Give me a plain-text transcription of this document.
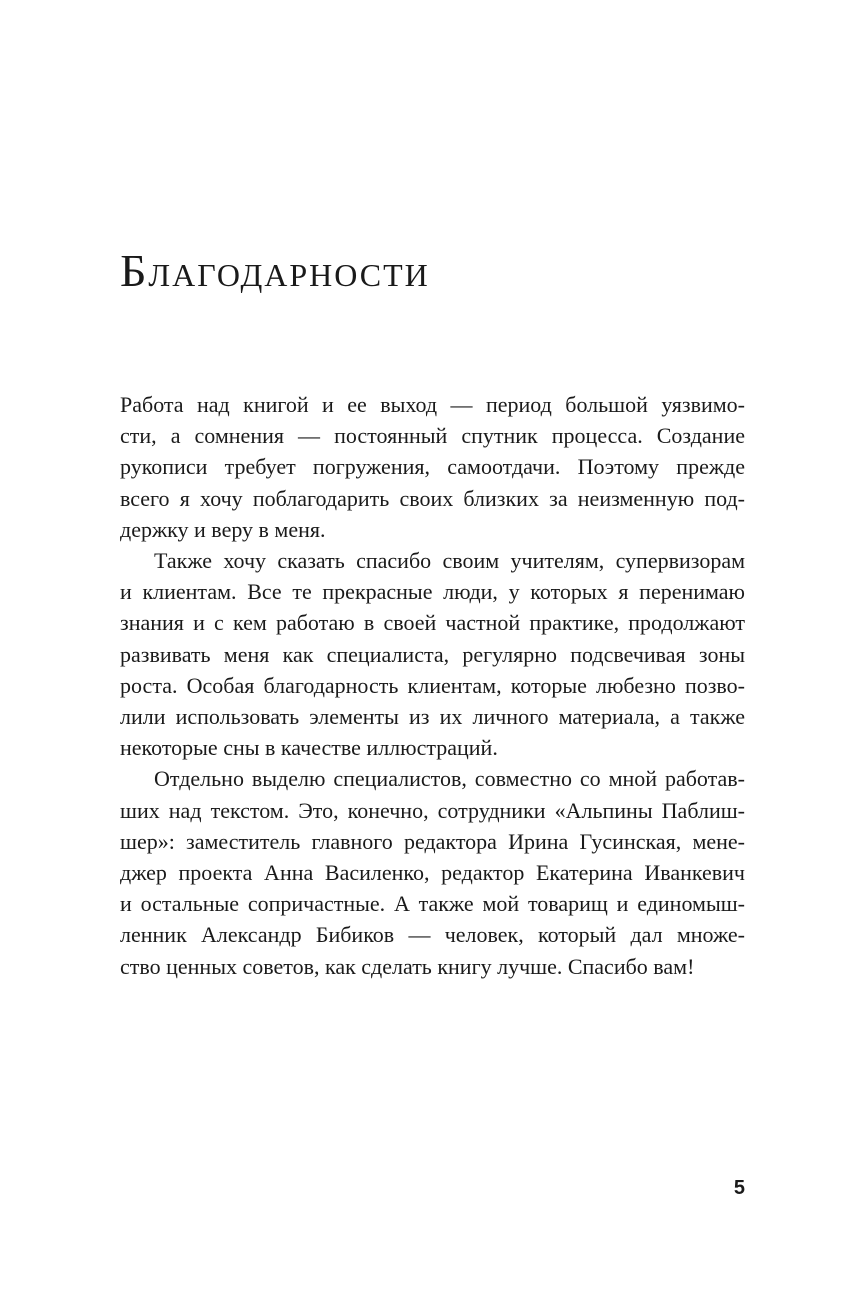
Благодарности

Работа над книгой и ее выход — период большой уязвимо-
сти, а сомнения — постоянный спутник процесса. Создание
рукописи требует погружения, самоотдачи. Поэтому прежде
всего я хочу поблагодарить своих близких за неизменную под-
держку и веру в меня.

Также хочу сказать спасибо своим учителям, супервизорам
и клиентам. Все те прекрасные люди, у которых я перенимаю
знания и с кем работаю в своей частной практике, продолжают
развивать меня как специалиста, регулярно подсвечивая зоны
роста. Особая благодарность клиентам, которые любезно позво-
лили использовать элементы из их личного материала, а также
некоторые сны в качестве иллюстраций.

Отдельно выделю специалистов, совместно со мной работав-
ших над текстом. Это, конечно, сотрудники «Альпины Паблиш-
шер»: заместитель главного редактора Ирина Гусинская, мене-
джер проекта Анна Василенко, редактор Екатерина Иванкевич
и остальные сопричастные. А также мой товарищ и единомыш-
ленник Александр Бибиков — человек, который дал множе-
ство ценных советов, как сделать книгу лучше. Спасибо вам!

5
